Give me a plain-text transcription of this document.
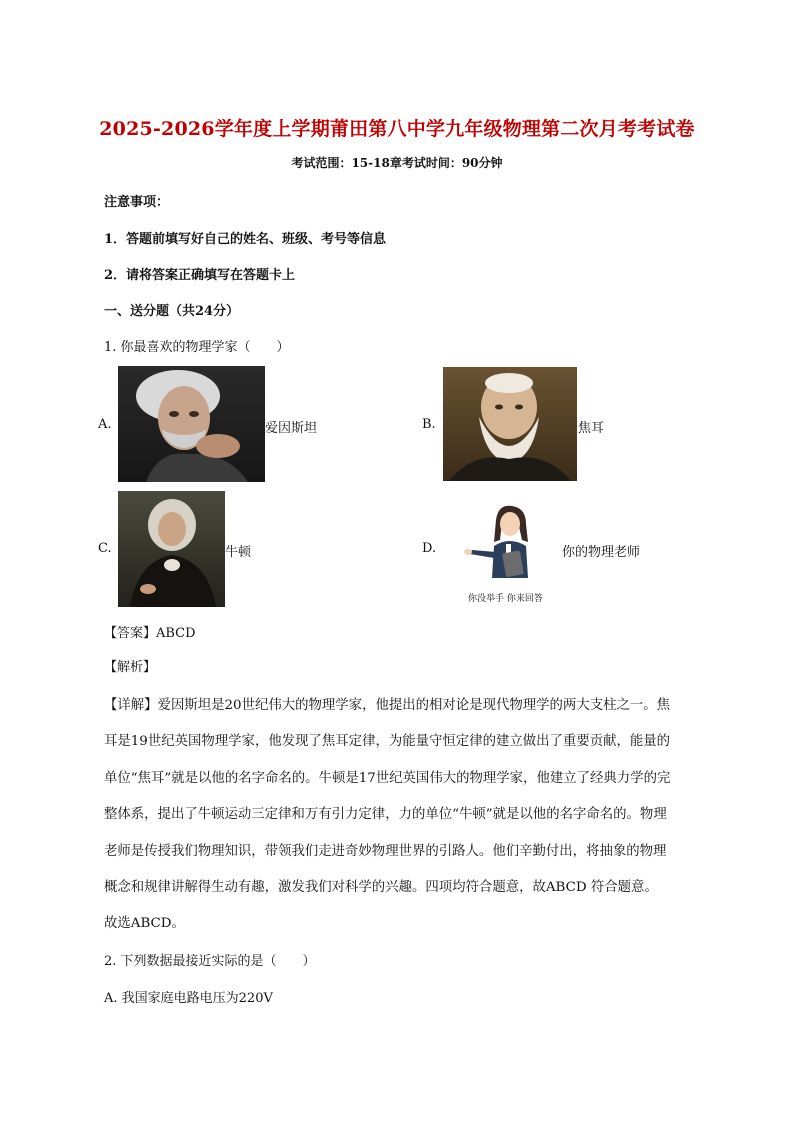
2025-2026学年度上学期莆田第八中学九年级物理第二次月考考试卷
考试范围：15-18章考试时间：90分钟
注意事项：
1．答题前填写好自己的姓名、班级、考号等信息
2．请将答案正确填写在答题卡上
一、送分题（共24分）
1. 你最喜欢的物理学家（　　）
A.	爱因斯坦	B.	焦耳
C.	牛顿	D.
你没举手 你来回答
你的物理老师
【答案】ABCD
【解析】

【详解】爱因斯坦是20世纪伟大的物理学家，他提出的相对论是现代物理学的两大支柱之一。焦

耳是19世纪英国物理学家，他发现了焦耳定律，为能量守恒定律的建立做出了重要贡献，能量的

单位“焦耳”就是以他的名字命名的。牛顿是17世纪英国伟大的物理学家，他建立了经典力学的完

整体系，提出了牛顿运动三定律和万有引力定律，力的单位“牛顿”就是以他的名字命名的。物理

老师是传授我们物理知识，带领我们走进奇妙物理世界的引路人。他们辛勤付出，将抽象的物理

概念和规律讲解得生动有趣，激发我们对科学的兴趣。四项均符合题意，故ABCD 符合题意。

故选ABCD。

2. 下列数据最接近实际的是（　　）
A. 我国家庭电路电压为220V
